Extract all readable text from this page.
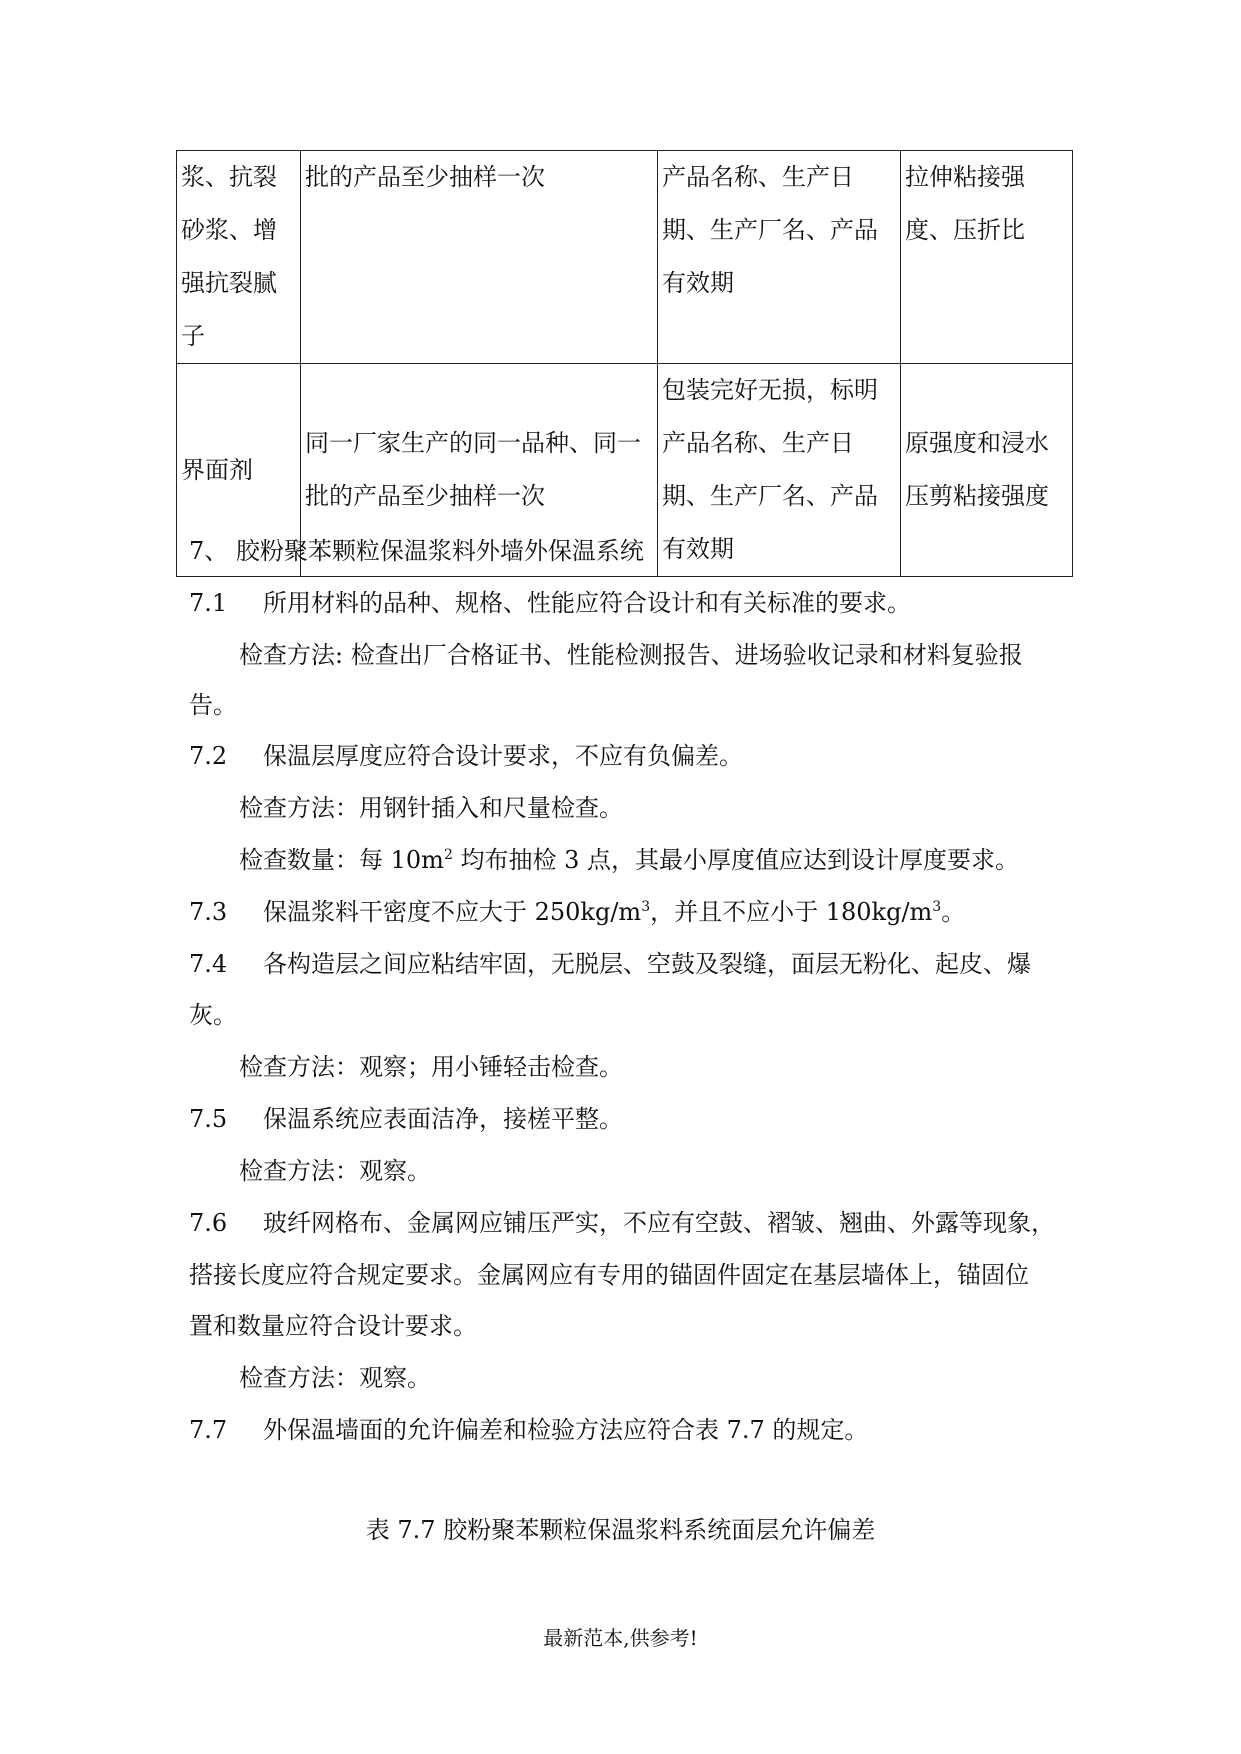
浆、抗裂砂浆、增强抗裂腻子	批的产品至少抽样一次	产品名称、生产日期、生产厂名、产品有效期	拉伸粘接强度、压折比
界面剂	同一厂家生产的同一品种、同一批的产品至少抽样一次	包装完好无损，标明产品名称、生产日期、生产厂名、产品有效期	原强度和浸水压剪粘接强度
7、 胶粉聚苯颗粒保温浆料外墙外保温系统
7.1 所用材料的品种、规格、性能应符合设计和有关标准的要求。
检查方法: 检查出厂合格证书、性能检测报告、进场验收记录和材料复验报
告。
7.2 保温层厚度应符合设计要求，不应有负偏差。
检查方法：用钢针插入和尺量检查。
检查数量：每 $10m^2$ 均布抽检 3 点，其最小厚度值应达到设计厚度要求。
7.3 保温浆料干密度不应大于 $250kg/m^3$，并且不应小于 $180kg/m^3$。
7.4 各构造层之间应粘结牢固，无脱层、空鼓及裂缝，面层无粉化、起皮、爆
灰。
检查方法：观察；用小锤轻击检查。
7.5 保温系统应表面洁净，接槎平整。
检查方法：观察。
7.6 玻纤网格布、金属网应铺压严实，不应有空鼓、褶皱、翘曲、外露等现象，
搭接长度应符合规定要求。金属网应有专用的锚固件固定在基层墙体上，锚固位
置和数量应符合设计要求。
检查方法：观察。
7.7 外保温墙面的允许偏差和检验方法应符合表 7.7 的规定。
表 7.7 胶粉聚苯颗粒保温浆料系统面层允许偏差
最新范本,供参考!
